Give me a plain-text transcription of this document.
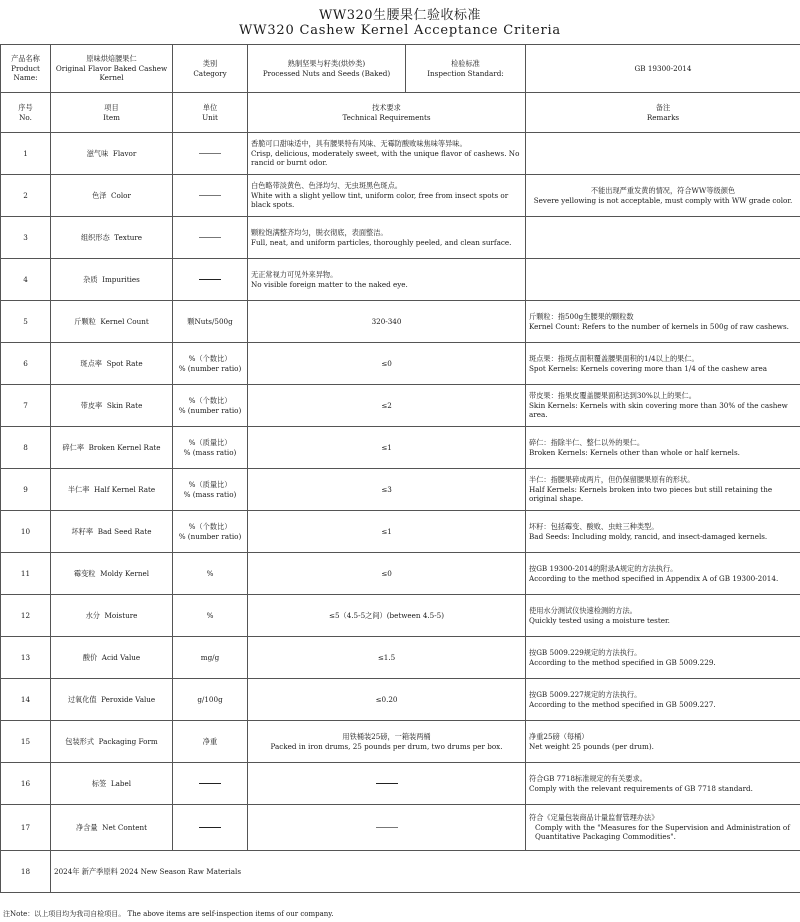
WW320生腰果仁验收标准
WW320 Cashew Kernel Acceptance Criteria
产品名称
Product Name:	原味烘焙腰果仁
Original Flavor Baked Cashew Kernel	类别
Category	熟制坚果与籽类(烘炒类)
Processed Nuts and Seeds (Baked)	检验标准
Inspection Standard:	GB 19300-2014

序号
No.	项目
Item	单位
Unit	技术要求
Technical Requirements		备注
Remarks

1	滋气味 Flavor		香脆可口甜味适中，具有腰果特有风味、无霉防酸败味焦味等异味。
Crisp, delicious, moderately sweet, with the unique flavor of cashews. No rancid or burnt odor.		

2	色泽 Color		白色略带淡黄色、色泽均匀、无虫斑黑色斑点。
White with a slight yellow tint, uniform color, free from insect spots or black spots.		不能出现严重发黄的情况，符合WW等级颜色
Severe yellowing is not acceptable, must comply with WW grade color.

3	组织形态 Texture		颗粒饱满整齐均匀，脱衣彻底，表面整洁。
Full, neat, and uniform particles, thoroughly peeled, and clean surface.		

4	杂质 Impurities		无正常视力可见外来异物。
No visible foreign matter to the naked eye.		

5	斤颗粒 Kernel Count	颗Nuts/500g	320-340		斤颗粒：指500g生腰果的颗粒数
Kernel Count: Refers to the number of kernels in 500g of raw cashews.

6	斑点率 Spot Rate	%（个数比）
% (number ratio)	≤0		斑点果：指斑点面积覆盖腰果面积的1/4以上的果仁。
Spot Kernels: Kernels covering more than 1/4 of the cashew area

7	带皮率 Skin Rate	%（个数比）
% (number ratio)	≤2		带皮果：指果皮覆盖腰果面积达到30%以上的果仁。
Skin Kernels: Kernels with skin covering more than 30% of the cashew area.

8	碎仁率 Broken Kernel Rate	%（质量比）
% (mass ratio)	≤1		碎仁：指除半仁、整仁以外的果仁。
Broken Kernels: Kernels other than whole or half kernels.

9	半仁率 Half Kernel Rate	%（质量比）
% (mass ratio)	≤3		半仁：指腰果碎成两片，但仍保留腰果原有的形状。
Half Kernels: Kernels broken into two pieces but still retaining the original shape.

10	坏籽率 Bad Seed Rate	%（个数比）
% (number ratio)	≤1		坏籽：包括霉变、酸败、虫蛀三种类型。
Bad Seeds: Including moldy, rancid, and insect-damaged kernels.

11	霉变粒 Moldy Kernel	%	≤0		按GB 19300-2014的附录A规定的方法执行。
According to the method specified in Appendix A of GB 19300-2014.

12	水分 Moisture	%	≤5（4.5-5之间）(between 4.5-5)		使用水分测试仪快速检测的方法。
Quickly tested using a moisture tester.

13	酸价 Acid Value	mg/g	≤1.5		按GB 5009.229规定的方法执行。
According to the method specified in GB 5009.229.

14	过氧化值 Peroxide Value	g/100g	≤0.20		按GB 5009.227规定的方法执行。
According to the method specified in GB 5009.227.

15	包装形式 Packaging Form	净重	用铁桶装25磅，一箱装两桶
Packed in iron drums, 25 pounds per drum, two drums per box.		净重25磅（每桶）
Net weight 25 pounds (per drum).

16	标签 Label				符合GB 7718标准规定的有关要求。
Comply with the relevant requirements of GB 7718 standard.

17	净含量 Net Content				符合《定量包装商品计量监督管理办法》
Comply with the "Measures for the Supervision and Administration of Quantitative Packaging Commodities".

18	2024年 新产季原料 2024 New Season Raw Materials				
注Note：以上项目均为我司自检项目。 The above items are self-inspection items of our company.
